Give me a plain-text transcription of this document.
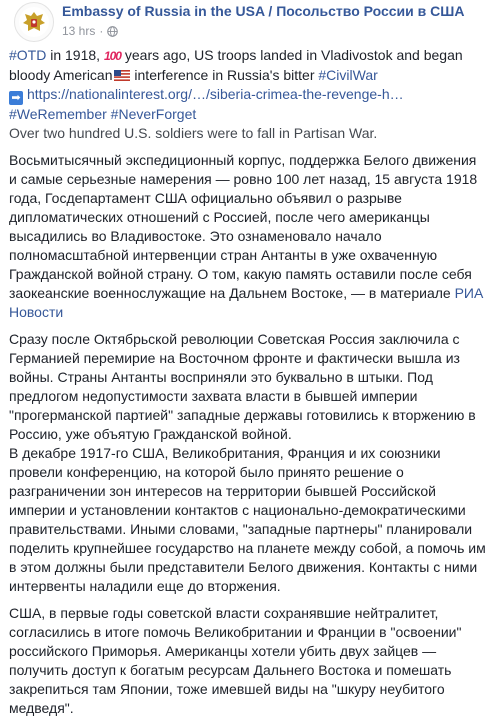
Embassy of Russia in the USA / Посольство России в США
13 hrs ·
#OTD in 1918, 100 years ago, US troops landed in Vladivostok and began bloody American interference in Russia's bitter #CivilWar
➡ https://nationalinterest.org/…/siberia-crimea-the-revenge-h…
#WeRemember #NeverForget
Over two hundred U.S. soldiers were to fall in Partisan War.
Восьмитысячный экспедиционный корпус, поддержка Белого движения и самые серьезные намерения — ровно 100 лет назад, 15 августа 1918 года, Госдепартамент США официально объявил о разрыве дипломатических отношений с Россией, после чего американцы высадились во Владивостоке. Это ознаменовало начало полномасштабной интервенции стран Антанты в уже охваченную Гражданской войной страну. О том, какую память оставили после себя заокеанские военнослужащие на Дальнем Востоке, — в материале РИА Новости
Сразу после Октябрьской революции Советская Россия заключила с Германией перемирие на Восточном фронте и фактически вышла из войны. Страны Антанты восприняли это буквально в штыки. Под предлогом недопустимости захвата власти в бывшей империи "прогерманской партией" западные державы готовились к вторжению в Россию, уже объятую Гражданской войной.
В декабре 1917-го США, Великобритания, Франция и их союзники провели конференцию, на которой было принято решение о разграничении зон интересов на территории бывшей Российской империи и установлении контактов с национально-демократическими правительствами. Иными словами, "западные партнеры" планировали поделить крупнейшее государство на планете между собой, а помочь им в этом должны были представители Белого движения. Контакты с ними интервенты наладили еще до вторжения.
США, в первые годы советской власти сохранявшие нейтралитет, согласились в итоге помочь Великобритании и Франции в "освоении" российского Приморья. Американцы хотели убить двух зайцев — получить доступ к богатым ресурсам Дальнего Востока и помешать закрепиться там Японии, тоже имевшей виды на "шкуру неубитого медведя".
